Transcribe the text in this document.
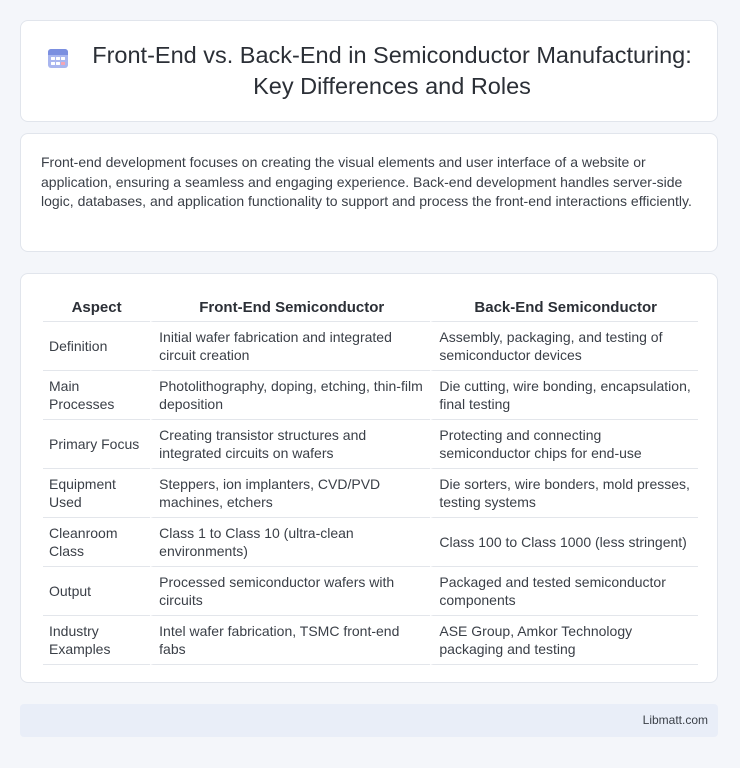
Front-End vs. Back-End in Semiconductor Manufacturing: Key Differences and Roles

Front-end development focuses on creating the visual elements and user interface of a website or application, ensuring a seamless and engaging experience. Back-end development handles server-side logic, databases, and application functionality to support and process the front-end interactions efficiently.

Aspect	Front-End Semiconductor	Back-End Semiconductor
Definition	Initial wafer fabrication and integrated circuit creation	Assembly, packaging, and testing of semiconductor devices
Main Processes	Photolithography, doping, etching, thin-film deposition	Die cutting, wire bonding, encapsulation, final testing
Primary Focus	Creating transistor structures and integrated circuits on wafers	Protecting and connecting semiconductor chips for end-use
Equipment Used	Steppers, ion implanters, CVD/PVD machines, etchers	Die sorters, wire bonders, mold presses, testing systems
Cleanroom Class	Class 1 to Class 10 (ultra-clean environments)	Class 100 to Class 1000 (less stringent)
Output	Processed semiconductor wafers with circuits	Packaged and tested semiconductor components
Industry Examples	Intel wafer fabrication, TSMC front-end fabs	ASE Group, Amkor Technology packaging and testing
Libmatt.com
